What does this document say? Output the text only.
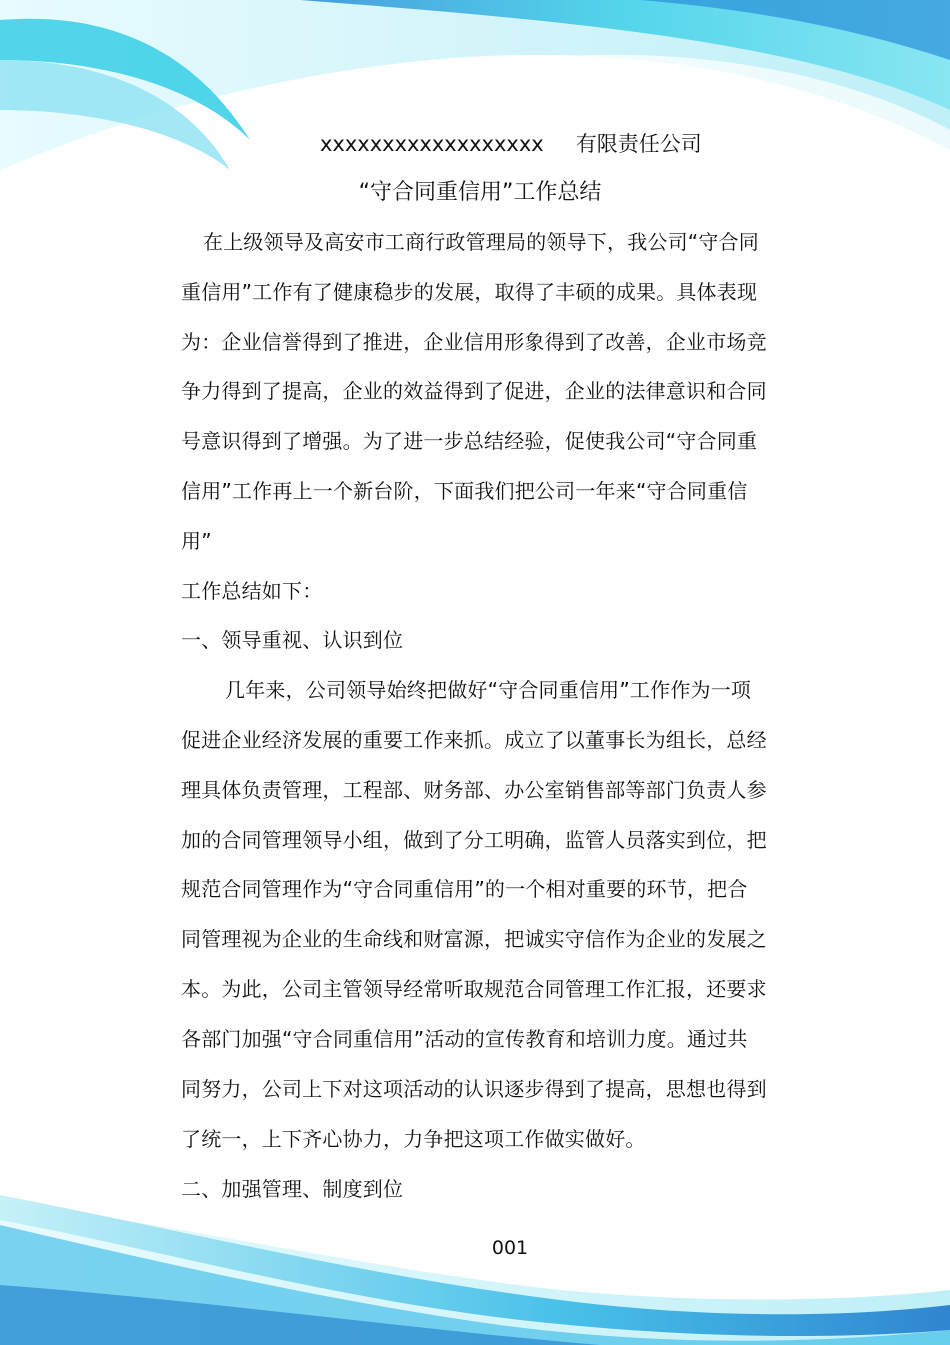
xxxxxxxxxxxxxxxxxx 有限责任公司
“守合同重信用”工作总结
在上级领导及高安市工商行政管理局的领导下，我公司“守合同
重信用”工作有了健康稳步的发展，取得了丰硕的成果。具体表现
为：企业信誉得到了推进，企业信用形象得到了改善，企业市场竞
争力得到了提高，企业的效益得到了促进，企业的法律意识和合同
号意识得到了增强。为了进一步总结经验，促使我公司“守合同重
信用”工作再上一个新台阶，下面我们把公司一年来“守合同重信
用”
工作总结如下：
一、领导重视、认识到位
几年来，公司领导始终把做好“守合同重信用”工作作为一项
促进企业经济发展的重要工作来抓。成立了以董事长为组长，总经
理具体负责管理，工程部、财务部、办公室销售部等部门负责人参
加的合同管理领导小组，做到了分工明确，监管人员落实到位，把
规范合同管理作为“守合同重信用”的一个相对重要的环节，把合
同管理视为企业的生命线和财富源，把诚实守信作为企业的发展之
本。为此，公司主管领导经常听取规范合同管理工作汇报，还要求
各部门加强“守合同重信用”活动的宣传教育和培训力度。通过共
同努力，公司上下对这项活动的认识逐步得到了提高，思想也得到
了统一，上下齐心协力，力争把这项工作做实做好。
二、加强管理、制度到位
001
